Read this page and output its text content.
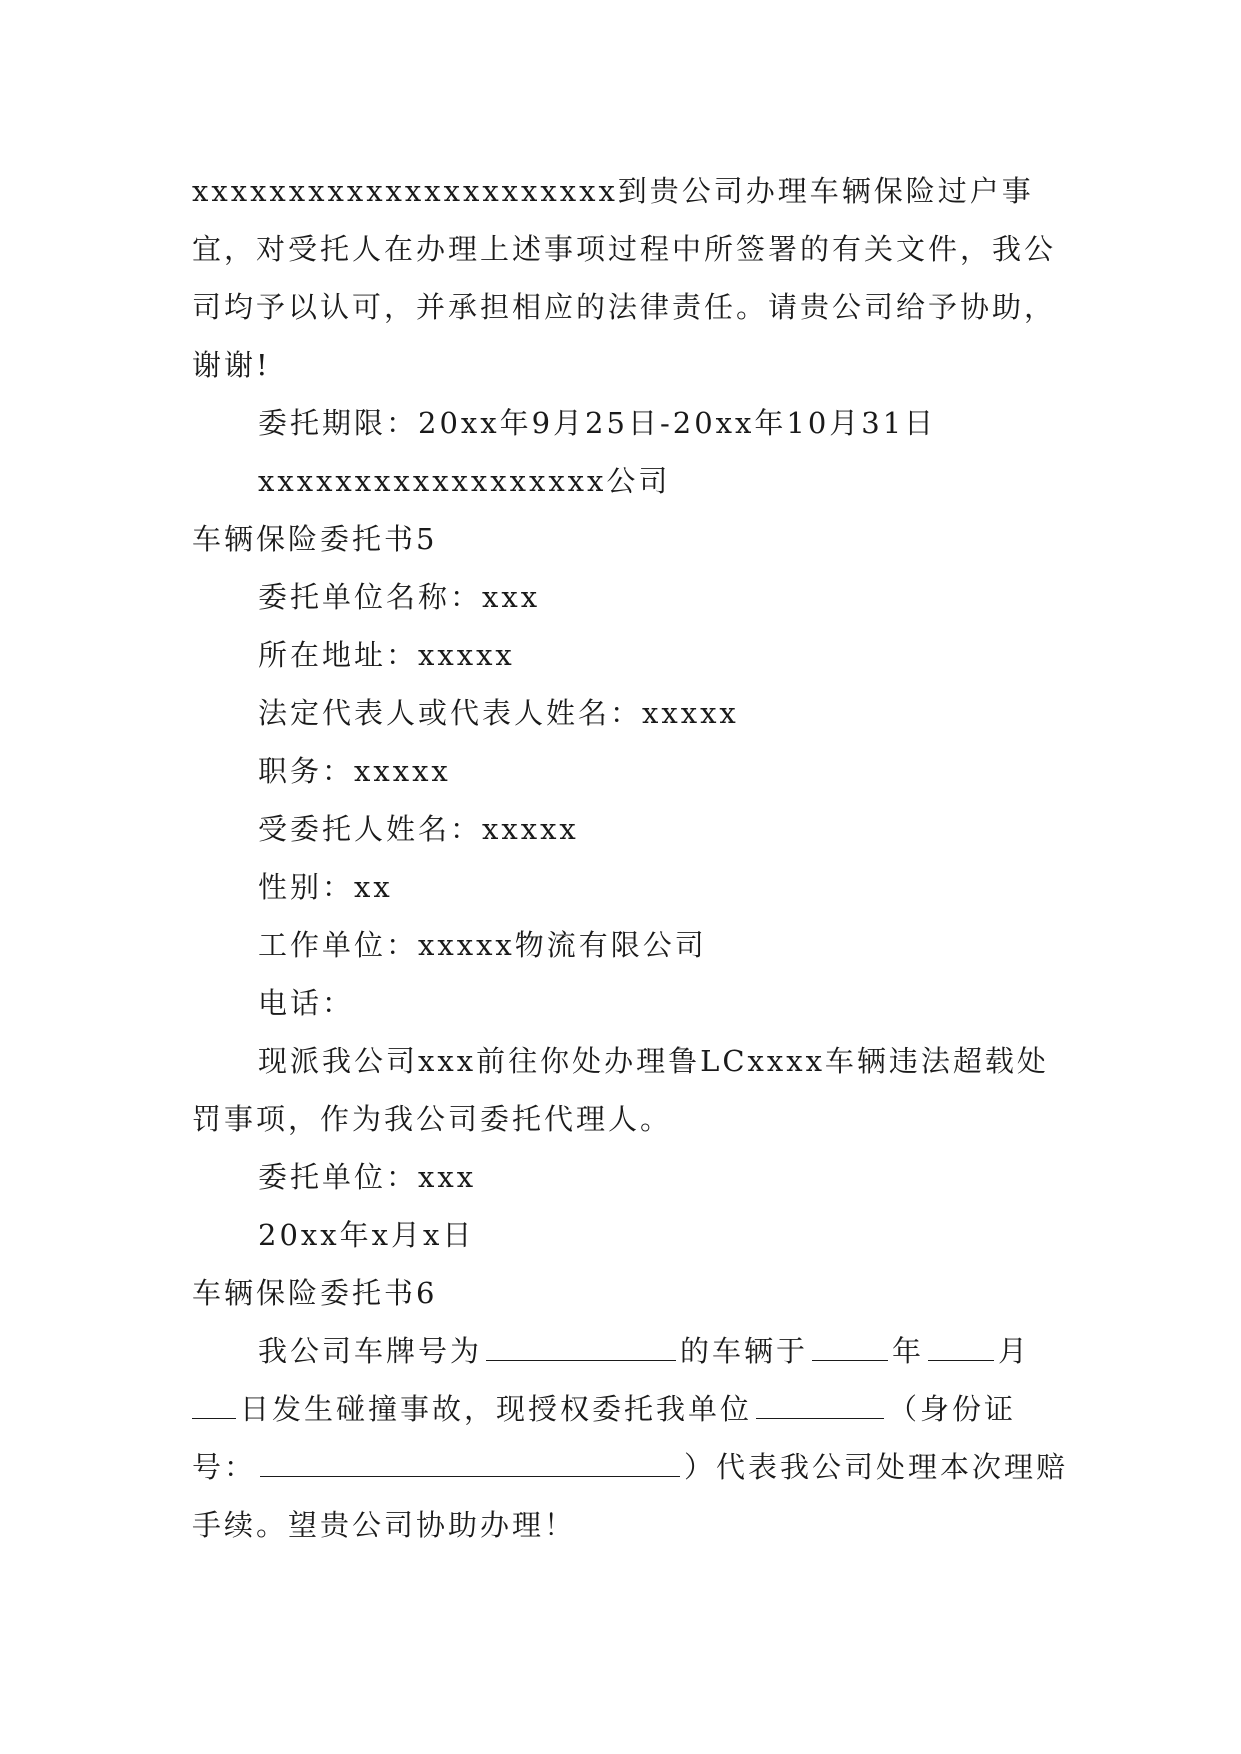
xxxxxxxxxxxxxxxxxxxxxx到贵公司办理车辆保险过户事宜，对受托人在办理上述事项过程中所签署的有关文件，我公司均予以认可，并承担相应的法律责任。请贵公司给予协助，谢谢!

委托期限：20xx年9月25日-20xx年10月31日

xxxxxxxxxxxxxxxxxx公司

车辆保险委托书5

委托单位名称：xxx

所在地址：xxxxx

法定代表人或代表人姓名：xxxxx

职务：xxxxx

受委托人姓名：xxxxx

性别：xx

工作单位：xxxxx物流有限公司

电话：

现派我公司xxx前往你处办理鲁LCxxxx车辆违法超载处罚事项，作为我公司委托代理人。

委托单位：xxx

20xx年x月x日

车辆保险委托书6

我公司车牌号为	的车辆于	年	月日发生碰撞事故，现授权委托我单位	（身份证号：	）代表我公司处理本次理赔手续。望贵公司协助办理！
